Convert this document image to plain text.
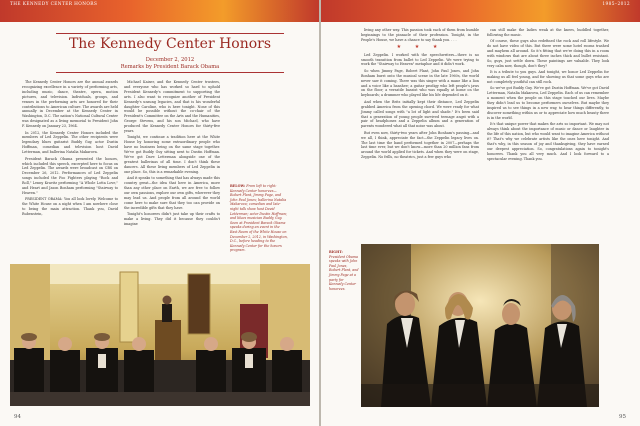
THE KENNEDY CENTER HONORS
The Kennedy Center Honors
December 2, 2012
Remarks by President Barack Obama

The Kennedy Center Honors are the annual awards recognizing excellence in a variety of performing arts, including music, dance, theatre, opera, motion pictures, and television. Individuals, groups, and venues in the performing arts are honored for their contributions to American culture. The awards are held annually in December at the Kennedy Center in Washington, D.C. The nation's National Cultural Center was designated as a living memorial to President John F. Kennedy on January 23, 1964.

In 2012, the Kennedy Center Honors included the members of Led Zeppelin. The other recipients were legendary blues guitarist Buddy Guy, actor Dustin Hoffman, comedian and television host David Letterman, and ballerina Natalia Makarova.

President Barack Obama presented the honors, which included this speech, excerpted here to focus on Led Zeppelin. The awards were broadcast on CBS on December 26, 2012. Performances of Led Zeppelin songs included the Foo Fighters playing "Rock and Roll," Lenny Kravitz performing "A Whole Lotta Love," and Heart and Jason Bonham performing "Stairway to Heaven."

PRESIDENT OBAMA: You all look lovely. Welcome to the White House on a night when I am nowhere close to being the main attraction. Thank you, David Rubenstein,

Michael Kaiser, and the Kennedy Center trustees, and everyone who has worked so hard to uphold President Kennedy's commitment to supporting the arts. I also want to recognize another of President Kennedy's unsung legacies, and that is his wonderful daughter Caroline, who is here tonight. None of this would be possible without the co-chair of the President's Committee on the Arts and the Humanities, George Stevens, and his son Michael, who have produced the Kennedy Center Honors for thirty-five years.

Tonight, we continue a tradition here at the White House by honoring some extraordinary people who have no business being on the same stage together. We've got Buddy Guy sitting next to Dustin Hoffman. We've got Dave Letterman alongside one of the greatest ballerinas of all time. I don't think these dancers. All these living members of Led Zeppelin in one place. So, this is a remarkable evening.

And it speaks to something that has always made this country great—the idea that here in America, more than any other place on Earth, we are free to follow our own passions, explore our own gifts, wherever they may lead us. And people from all around the world come here to make sure that they too can provide on the incredible gifts that they have.

Tonight's honorees didn't just take up their crafts to make a living. They did it because they couldn't imagine

BELOW: From left to right: Kennedy Center honorees—Robert Plant, Jimmy Page, and John Paul Jones; ballerina Natalia Makarova; comedian and late-night talk show host David Letterman; actor Dustin Hoffman; and blues musician Buddy Guy. Seen at President Barack Obama speaks during an event in the East Room of the White House on December 2, 2012, in Washington, D.C., before heading to the Kennedy Center for the honors program.
94
1985–2012

living any other way. This passion took each of them from humble beginnings to the pinnacle of their profession. Tonight, in the People's House, we have a chance to say thank you. . . .

★ ★ ★

Led Zeppelin. I worked with the speechwriters—there is no smooth transition from ballet to Led Zeppelin. We were trying to work the "Stairway to Heaven" metaphor and it didn't work.

So when Jimmy Page, Robert Plant, John Paul Jones, and John Bonham burst onto the musical scene in the late 1960s, the world never saw it coming. There was this singer with a mane like a lion and a voice like a banshee; a guitar prodigy who left people's jaws on the floor; a versatile bassist who was equally at home on the keyboards; a drummer who played like his life depended on it.

And when the Brits initially kept their distance, Led Zeppelin grabbed America from the opening chord. We were ready for what Jimmy called songs with "a lot of light and shade." It's been said that a generation of young people survived teenage angst with a pair of headphones and a Zeppelin album and a generation of parents wondered what all that noise was about.

But even now, thirty-two years after John Bonham's passing—and we all, I think, appreciate the fact—the Zeppelin legacy lives on. The last time the band performed together in 2007—perhaps the last time ever, but we don't know—more than 20 million fans from around the world applied for tickets. And when they were on stage, Zeppelin. No frills, no theatrics, just a few guys who

can still make the ladies weak at the knees, huddled together, following the music.

Of course, these guys also redefined the rock and roll lifestyle. We do not have video of this. But there were some hotel rooms trashed and mayhem all around. So it's fitting that we're doing this in a room with windows that are about three inches thick and bullet resistant. So, guys, just settle down. These paintings are valuable. They look very calm now, though, don't they?

It is a tribute to you guys. And tonight, we honor Led Zeppelin for making us all feel young, and for showing us that some guys who are not completely youthful can still rock.

So we've got Buddy Guy. We've got Dustin Hoffman. We've got David Letterman, Natalia Makarova, Led Zeppelin. Each of us can remember a moment when the people on this stage touched our lives. Maybe they didn't lead us to become performers ourselves. But maybe they inspired us to see things in a new way, to hear things differently, to discover something within us or to appreciate how much beauty there is in the world.

It's that unique power that makes the arts so important. We may not always think about the importance of music or dance or laughter in the life of this nation, but who would want to imagine America without it? That's why we celebrate artists like the ones here tonight. And that's why, in this season of joy and thanksgiving, they have earned our deepest appreciation. So, congratulations again to tonight's honorees. Thank you all very much. And I look forward to a spectacular evening. Thank you.

RIGHT: President Obama speaks with John Paul Jones, Robert Plant, and Jimmy Page at a party for Kennedy Center honorees.
95
